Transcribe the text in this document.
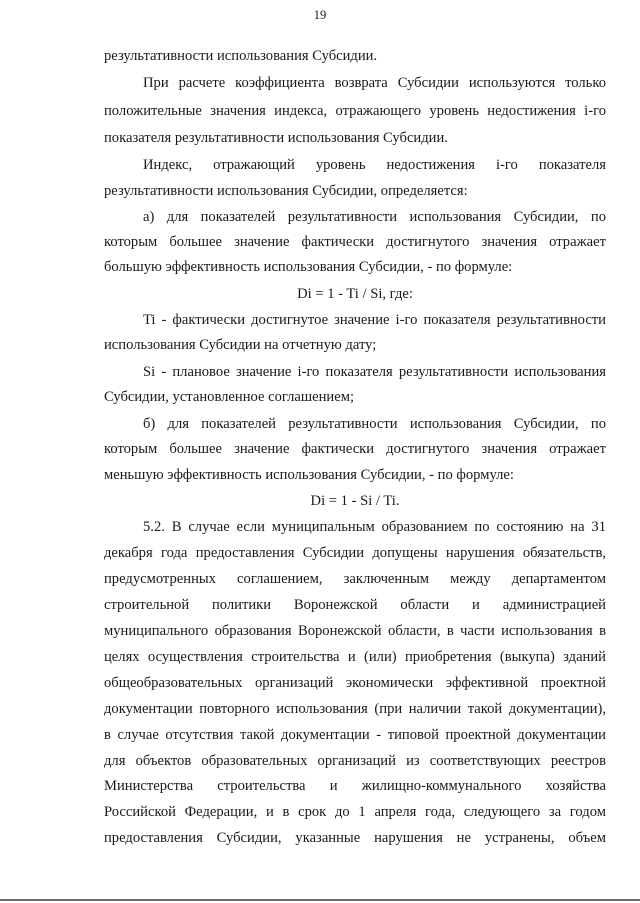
19

результативности использования Субсидии.

При расчете коэффициента возврата Субсидии используются только

положительные значения индекса, отражающего уровень недостижения i-го

показателя результативности использования Субсидии.

Индекс, отражающий уровень недостижения i-го показателя

результативности использования Субсидии, определяется:

а) для показателей результативности использования Субсидии, по

которым большее значение фактически достигнутого значения отражает

большую эффективность использования Субсидии, - по формуле:

Di = 1 - Ti / Si, где:

Ti - фактически достигнутое значение i-го показателя результативности

использования Субсидии на отчетную дату;

Si - плановое значение i-го показателя результативности использования

Субсидии, установленное соглашением;

б) для показателей результативности использования Субсидии, по

которым большее значение фактически достигнутого значения отражает

меньшую эффективность использования Субсидии, - по формуле:

Di = 1 - Si / Ti.

5.2. В случае если муниципальным образованием по состоянию на 31

декабря года предоставления Субсидии допущены нарушения обязательств,

предусмотренных соглашением, заключенным между департаментом

строительной политики Воронежской области и администрацией

муниципального образования Воронежской области, в части использования в

целях осуществления строительства и (или) приобретения (выкупа) зданий

общеобразовательных организаций экономически эффективной проектной

документации повторного использования (при наличии такой документации),

в случае отсутствия такой документации - типовой проектной документации

для объектов образовательных организаций из соответствующих реестров

Министерства строительства и жилищно-коммунального хозяйства

Российской Федерации, и в срок до 1 апреля года, следующего за годом

предоставления Субсидии, указанные нарушения не устранены, объем
